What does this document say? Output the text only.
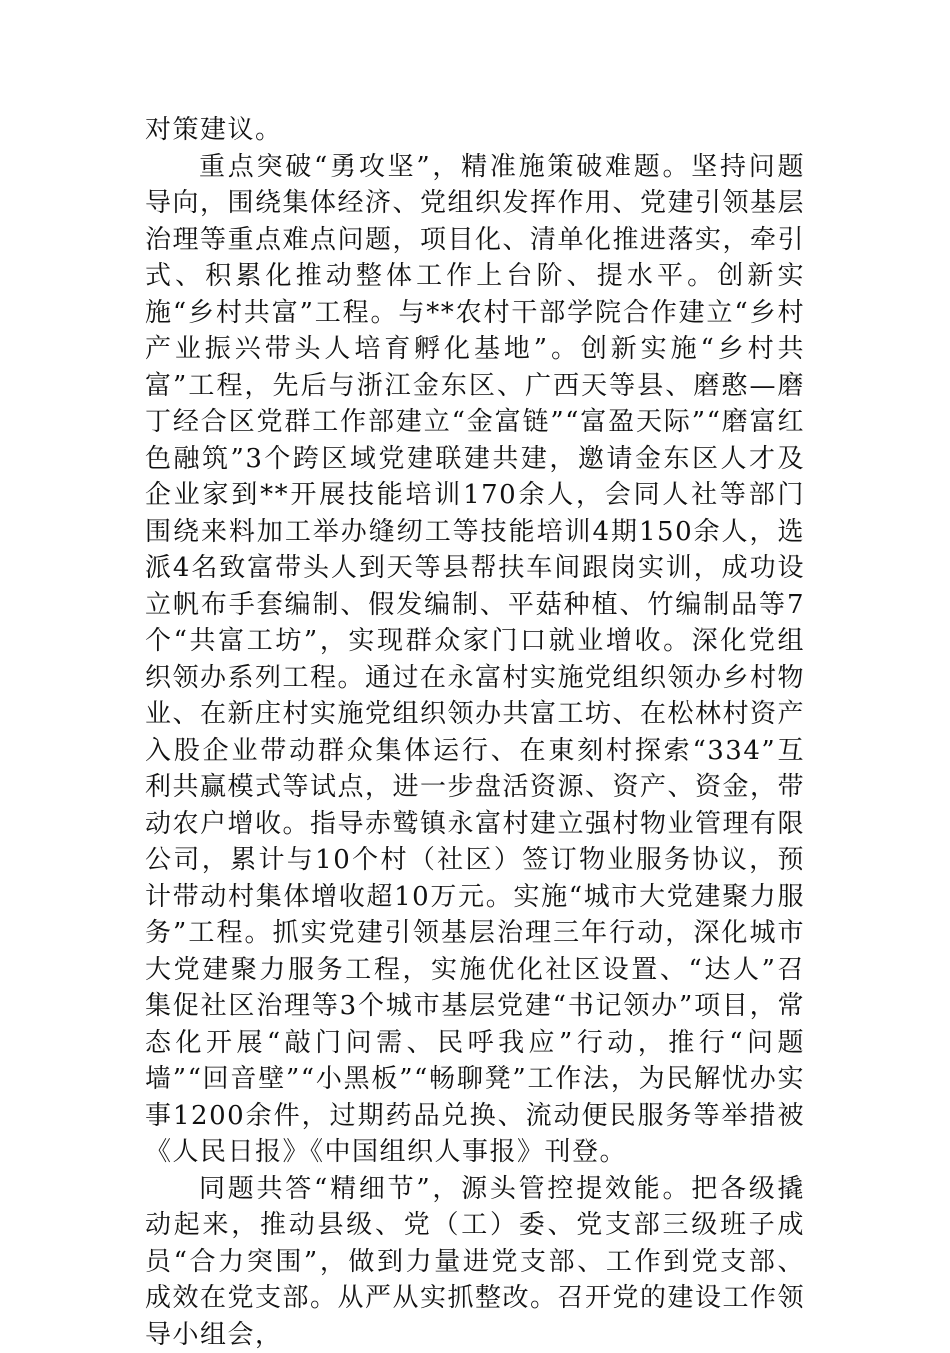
对策建议。

重点突破“勇攻坚”，精准施策破难题。坚持问题导向，围绕集体经济、党组织发挥作用、党建引领基层治理等重点难点问题，项目化、清单化推进落实，牵引式、积累化推动整体工作上台阶、提水平。创新实施“乡村共富”工程。与**农村干部学院合作建立“乡村产业振兴带头人培育孵化基地”。创新实施“乡村共富”工程，先后与浙江金东区、广西天等县、磨憨—磨丁经合区党群工作部建立“金富链”“富盈天际”“磨富红色融筑”3个跨区域党建联建共建，邀请金东区人才及企业家到**开展技能培训170余人，会同人社等部门围绕来料加工举办缝纫工等技能培训4期150余人，选派4名致富带头人到天等县帮扶车间跟岗实训，成功设立帆布手套编制、假发编制、平菇种植、竹编制品等7个“共富工坊”，实现群众家门口就业增收。深化党组织领办系列工程。通过在永富村实施党组织领办乡村物业、在新庄村实施党组织领办共富工坊、在松林村资产入股企业带动群众集体运行、在東刻村探索“334”互利共赢模式等试点，进一步盘活资源、资产、资金，带动农户增收。指导赤鹫镇永富村建立强村物业管理有限公司，累计与10个村（社区）签订物业服务协议，预计带动村集体增收超10万元。实施“城市大党建聚力服务”工程。抓实党建引领基层治理三年行动，深化城市大党建聚力服务工程，实施优化社区设置、“达人”召集促社区治理等3个城市基层党建“书记领办”项目，常态化开展“敲门问需、民呼我应”行动，推行“问题墙”“回音壁”“小黑板”“畅聊凳”工作法，为民解忧办实事1200余件，过期药品兑换、流动便民服务等举措被《人民日报》《中国组织人事报》刊登。

同题共答“精细节”，源头管控提效能。把各级撬动起来，推动县级、党（工）委、党支部三级班子成员“合力突围”，做到力量进党支部、工作到党支部、成效在党支部。从严从实抓整改。召开党的建设工作领导小组会，
